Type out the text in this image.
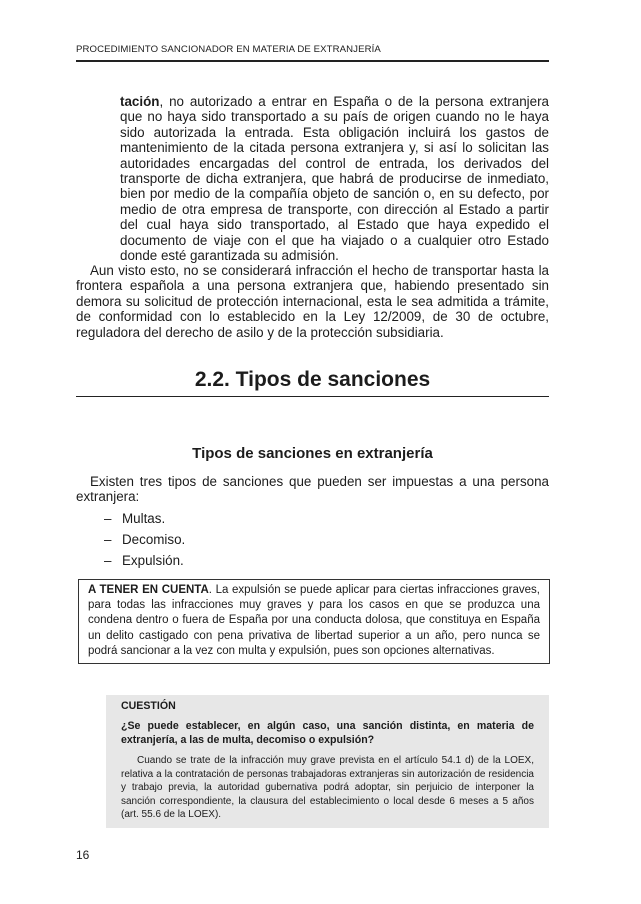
PROCEDIMIENTO SANCIONADOR EN MATERIA DE EXTRANJERÍA

tación, no autorizado a entrar en España o de la persona extranjera que no haya sido transportado a su país de origen cuando no le haya sido autorizada la entrada. Esta obligación incluirá los gastos de mantenimiento de la citada persona extranjera y, si así lo solicitan las autoridades encargadas del control de entrada, los derivados del transporte de dicha extranjera, que habrá de producirse de inmediato, bien por medio de la compañía objeto de sanción o, en su defecto, por medio de otra empresa de transporte, con dirección al Estado a partir del cual haya sido transportado, al Estado que haya expedido el documento de viaje con el que ha viajado o a cualquier otro Estado donde esté garantizada su admisión.

Aun visto esto, no se considerará infracción el hecho de transportar hasta la frontera española a una persona extranjera que, habiendo presentado sin demora su solicitud de protección internacional, esta le sea admitida a trámite, de conformidad con lo establecido en la Ley 12/2009, de 30 de octubre, reguladora del derecho de asilo y de la protección subsidiaria.

2.2. Tipos de sanciones
Tipos de sanciones en extranjería

Existen tres tipos de sanciones que pueden ser impuestas a una persona extranjera:

– Multas.
– Decomiso.
– Expulsión.
A TENER EN CUENTA. La expulsión se puede aplicar para ciertas infracciones graves, para todas las infracciones muy graves y para los casos en que se produzca una condena dentro o fuera de España por una conducta dolosa, que constituya en España un delito castigado con pena privativa de libertad superior a un año, pero nunca se podrá sancionar a la vez con multa y expulsión, pues son opciones alternativas.
CUESTIÓN
¿Se puede establecer, en algún caso, una sanción distinta, en materia de extranjería, a las de multa, decomiso o expulsión?
Cuando se trate de la infracción muy grave prevista en el artículo 54.1 d) de la LOEX, relativa a la contratación de personas trabajadoras extranjeras sin autorización de residencia y trabajo previa, la autoridad gubernativa podrá adoptar, sin perjuicio de interponer la sanción correspondiente, la clausura del establecimiento o local desde 6 meses a 5 años (art. 55.6 de la LOEX).
16
